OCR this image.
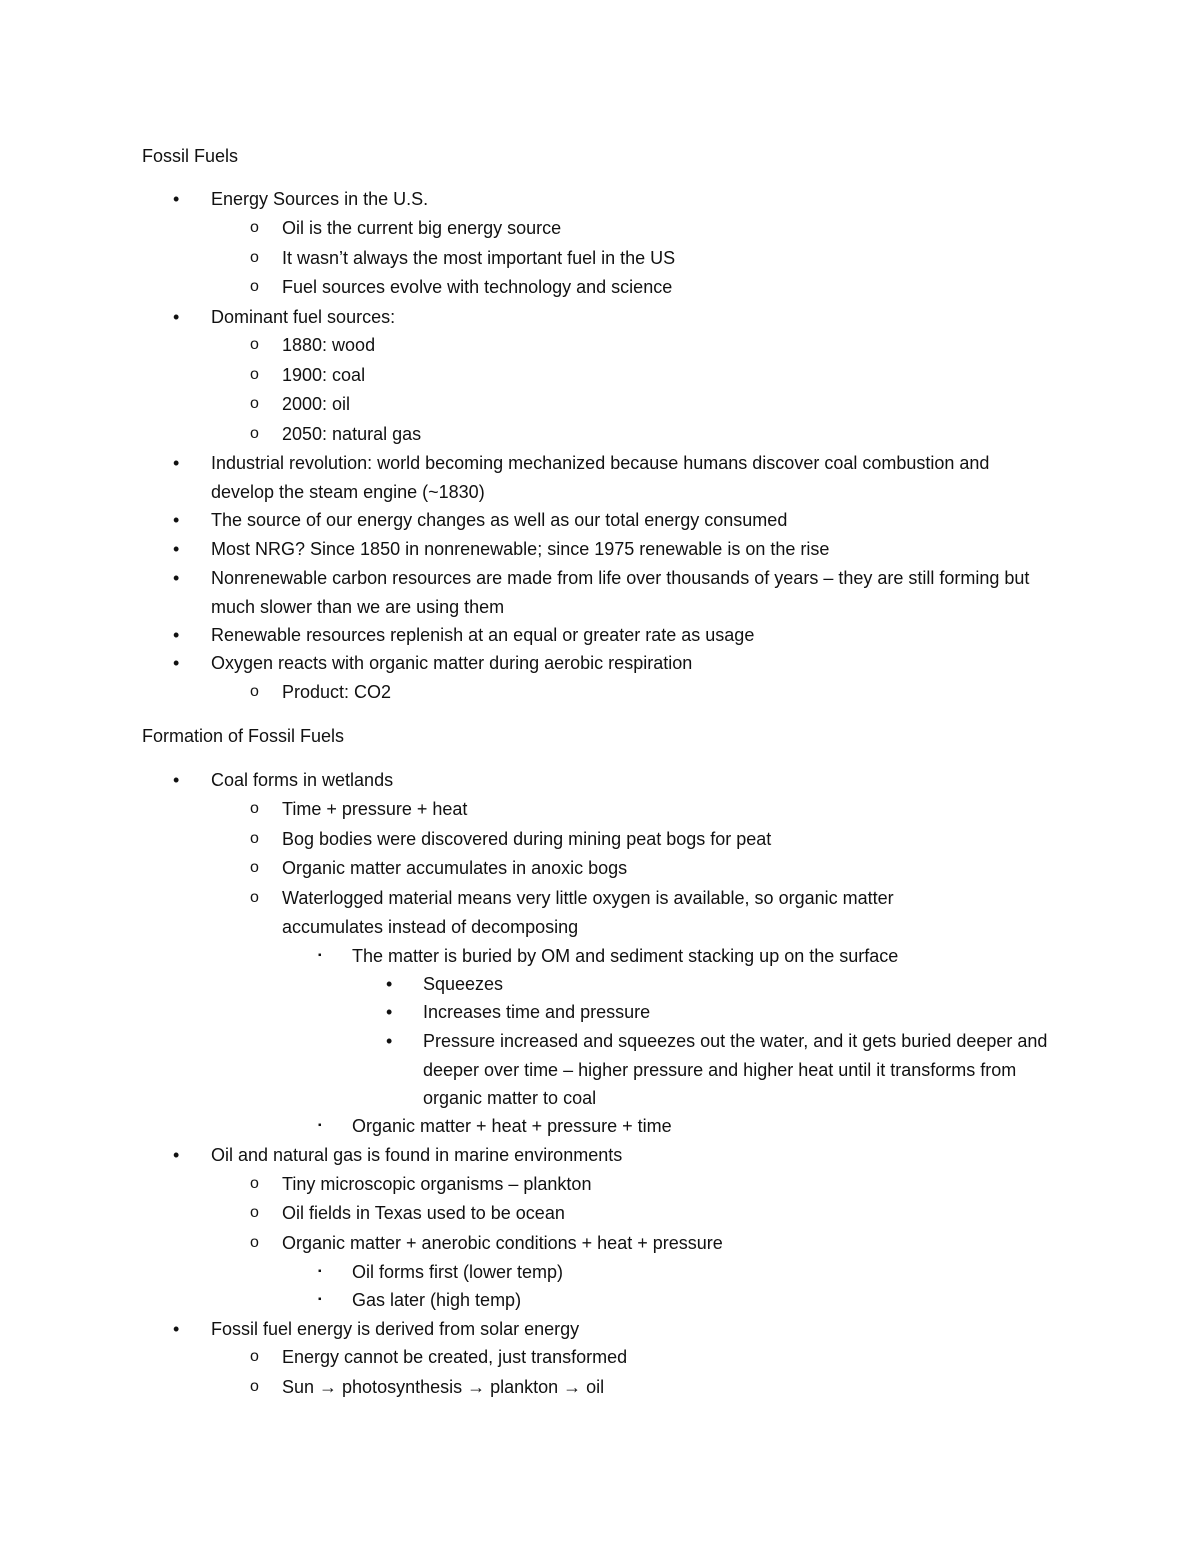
Fossil Fuels
• Energy Sources in the U.S.
o Oil is the current big energy source
o It wasn’t always the most important fuel in the US
o Fuel sources evolve with technology and science
• Dominant fuel sources:
o 1880: wood
o 1900: coal
o 2000: oil
o 2050: natural gas
• Industrial revolution: world becoming mechanized because humans discover coal combustion and develop the steam engine (~1830)
• The source of our energy changes as well as our total energy consumed
• Most NRG? Since 1850 in nonrenewable; since 1975 renewable is on the rise
• Nonrenewable carbon resources are made from life over thousands of years – they are still forming but much slower than we are using them
• Renewable resources replenish at an equal or greater rate as usage
• Oxygen reacts with organic matter during aerobic respiration
o Product: CO2
Formation of Fossil Fuels
• Coal forms in wetlands
o Time + pressure + heat
o Bog bodies were discovered during mining peat bogs for peat
o Organic matter accumulates in anoxic bogs
o Waterlogged material means very little oxygen is available, so organic matter accumulates instead of decomposing
▪ The matter is buried by OM and sediment stacking up on the surface
• Squeezes
• Increases time and pressure
• Pressure increased and squeezes out the water, and it gets buried deeper and deeper over time – higher pressure and higher heat until it transforms from organic matter to coal
▪ Organic matter + heat + pressure + time
• Oil and natural gas is found in marine environments
o Tiny microscopic organisms – plankton
o Oil fields in Texas used to be ocean
o Organic matter + anerobic conditions + heat + pressure
▪ Oil forms first (lower temp)
▪ Gas later (high temp)
• Fossil fuel energy is derived from solar energy
o Energy cannot be created, just transformed
o Sun → photosynthesis → plankton → oil
